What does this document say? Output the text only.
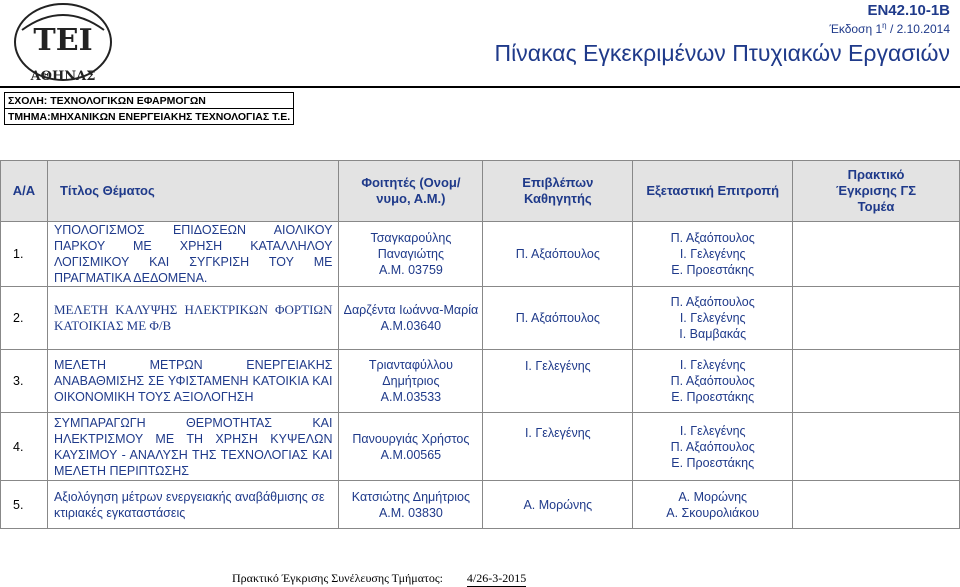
ΤΕΙ
ΑΘΗΝΑΣ
EN42.10-1B
Έκδοση $1^\eta / 2.10.2014$
Πίνακας Εγκεκριμένων Πτυχιακών Εργασιών
ΣΧΟΛΗ: ΤΕΧΝΟΛΟΓΙΚΩΝ ΕΦΑΡΜΟΓΩΝ
ΤΜΗΜΑ:ΜΗΧΑΝΙΚΩΝ ΕΝΕΡΓΕΙΑΚΗΣ ΤΕΧΝΟΛΟΓΙΑΣ Τ.Ε.
Α/Α	Τίτλος Θέματος	Φοιτητές (Ονομ/νυμο, Α.Μ.)	Επιβλέπων Καθηγητής	Εξεταστική Επιτροπή	Πρακτικό Έγκρισης ΓΣ Τομέα
1.	ΥΠΟΛΟΓΙΣΜΟΣ ΕΠΙΔΟΣΕΩΝ ΑΙΟΛΙΚΟΥ ΠΑΡΚΟΥ ΜΕ ΧΡΗΣΗ ΚΑΤΑΛΛΗΛΟΥ ΛΟΓΙΣΜΙΚΟΥ ΚΑΙ ΣΥΓΚΡΙΣΗ ΤΟΥ ΜΕ ΠΡΑΓΜΑΤΙΚΑ ΔΕΔΟΜΕΝΑ.	Τσαγκαρούλης
Παναγιώτης
Α.Μ. 03759	Π. Αξαόπουλος	Π. Αξαόπουλος
Ι. Γελεγένης
Ε. Προεστάκης	

2.	ΜΕΛΕΤΗ ΚΑΛΥΨΗΣ ΗΛΕΚΤΡΙΚΩΝ ΦΟΡΤΙΩΝ ΚΑΤΟΙΚΙΑΣ ΜΕ Φ/Β	Δαρζέντα Ιωάννα-Μαρία
Α.Μ.03640	Π. Αξαόπουλος	Π. Αξαόπουλος
Ι. Γελεγένης
Ι. Βαμβακάς	

3.	ΜΕΛΕΤΗ ΜΕΤΡΩΝ ΕΝΕΡΓΕΙΑΚΗΣ ΑΝΑΒΑΘΜΙΣΗΣ ΣΕ ΥΦΙΣΤΑΜΕΝΗ ΚΑΤΟΙΚΙΑ ΚΑΙ ΟΙΚΟΝΟΜΙΚΗ ΤΟΥΣ ΑΞΙΟΛΟΓΗΣΗ	Τριανταφύλλου
Δημήτριος
Α.Μ.03533	Ι. Γελεγένης	Ι. Γελεγένης
Π. Αξαόπουλος
Ε. Προεστάκης	

4.	ΣΥΜΠΑΡΑΓΩΓΗ ΘΕΡΜΟΤΗΤΑΣ ΚΑΙ ΗΛΕΚΤΡΙΣΜΟΥ ΜΕ ΤΗ ΧΡΗΣΗ ΚΥΨΕΛΩΝ ΚΑΥΣΙΜΟΥ - ΑΝΑΛΥΣΗ ΤΗΣ ΤΕΧΝΟΛΟΓΙΑΣ ΚΑΙ ΜΕΛΕΤΗ ΠΕΡΙΠΤΩΣΗΣ	Πανουργιάς Χρήστος
Α.Μ.00565	Ι. Γελεγένης	Ι. Γελεγένης
Π. Αξαόπουλος
Ε. Προεστάκης	

5.	Αξιολόγηση μέτρων ενεργειακής αναβάθμισης σε κτιριακές εγκαταστάσεις	Κατσιώτης Δημήτριος
Α.Μ. 03830	Α. Μορώνης	Α. Μορώνης
Α. Σκουρολιάκου	

Πρακτικό Έγκρισης Συνέλευσης Τμήματος: 4/26-3-2015
